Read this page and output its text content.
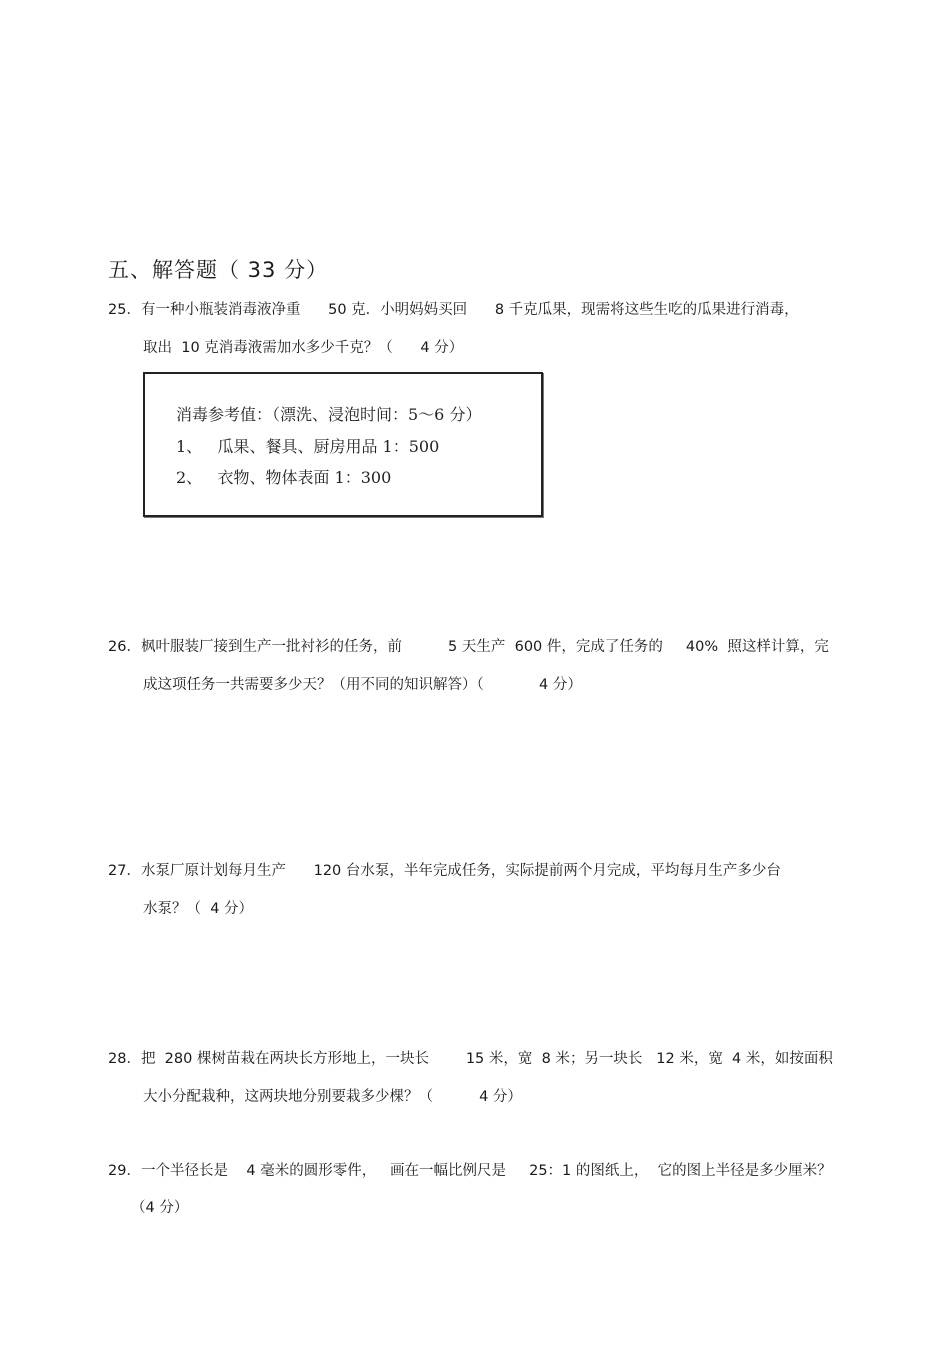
五、解答题（ 33 分）
25．有一种小瓶装消毒液净重      50 克．小明妈妈买回      8 千克瓜果，现需将这些生吃的瓜果进行消毒，
取出  10 克消毒液需加水多少千克？（      4 分）
消毒参考值：（漂洗、浸泡时间：5～6 分）
1、   瓜果、餐具、厨房用品 1：500
2、   衣物、物体表面 1：300
26．枫叶服装厂接到生产一批衬衫的任务，前          5 天生产  600 件，完成了任务的     40%  照这样计算，完
成这项任务一共需要多少天？（用不同的知识解答）（            4 分）
27．水泵厂原计划每月生产      120 台水泵，半年完成任务，实际提前两个月完成，平均每月生产多少台
水泵？（  4 分）
28．把  280 棵树苗栽在两块长方形地上，一块长        15 米，宽  8 米；另一块长   12 米，宽  4 米，如按面积
大小分配栽种，这两块地分别要栽多少棵？（          4 分）
29．一个半径长是    4 毫米的圆形零件，   画在一幅比例尺是     25：1 的图纸上，  它的图上半径是多少厘米？
（4 分）
